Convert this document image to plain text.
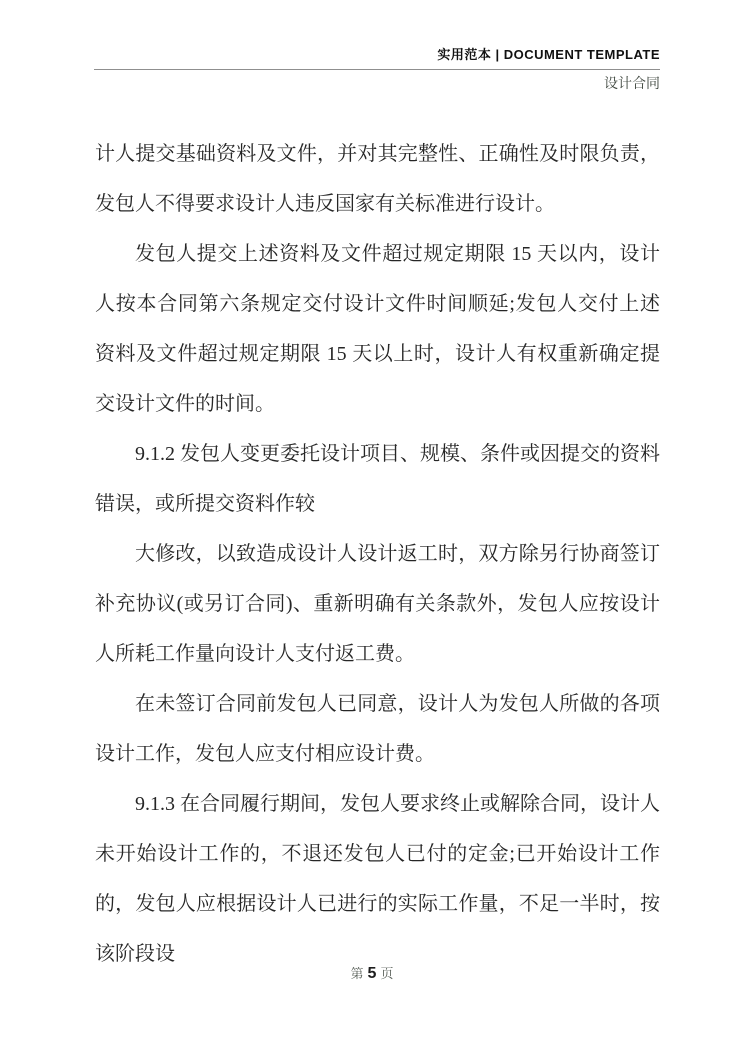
实用范本 | DOCUMENT TEMPLATE
设计合同

计人提交基础资料及文件，并对其完整性、正确性及时限负责，发包人不得要求设计人违反国家有关标准进行设计。

发包人提交上述资料及文件超过规定期限 15 天以内，设计人按本合同第六条规定交付设计文件时间顺延;发包人交付上述资料及文件超过规定期限 15 天以上时，设计人有权重新确定提交设计文件的时间。

9.1.2 发包人变更委托设计项目、规模、条件或因提交的资料错误，或所提交资料作较

大修改，以致造成设计人设计返工时，双方除另行协商签订补充协议(或另订合同)、重新明确有关条款外，发包人应按设计人所耗工作量向设计人支付返工费。

在未签订合同前发包人已同意，设计人为发包人所做的各项设计工作，发包人应支付相应设计费。

9.1.3 在合同履行期间，发包人要求终止或解除合同，设计人未开始设计工作的，不退还发包人已付的定金;已开始设计工作的，发包人应根据设计人已进行的实际工作量，不足一半时，按该阶段设

第 5 页
